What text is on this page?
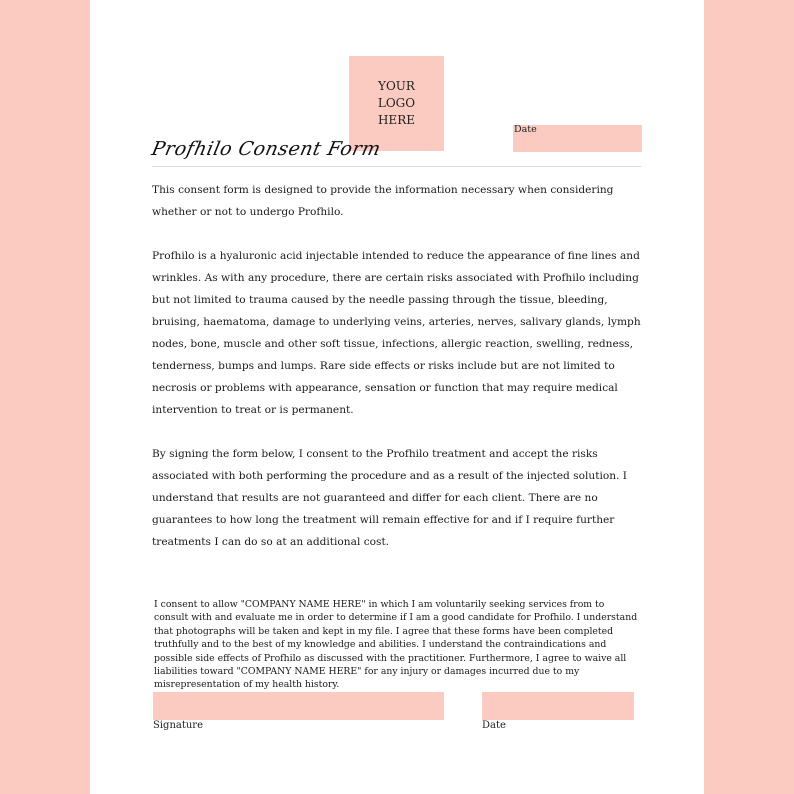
YOUR
LOGO
HERE
Date
Profhilo Consent Form

This consent form is designed to provide the information necessary when considering whether or not to undergo Profhilo.

Profhilo is a hyaluronic acid injectable intended to reduce the appearance of fine lines and wrinkles. As with any procedure, there are certain risks associated with Profhilo including but not limited to trauma caused by the needle passing through the tissue, bleeding, bruising, haematoma, damage to underlying veins, arteries, nerves, salivary glands, lymph nodes, bone, muscle and other soft tissue, infections, allergic reaction, swelling, redness, tenderness, bumps and lumps. Rare side effects or risks include but are not limited to necrosis or problems with appearance, sensation or function that may require medical intervention to treat or is permanent.

By signing the form below, I consent to the Profhilo treatment and accept the risks associated with both performing the procedure and as a result of the injected solution. I understand that results are not guaranteed and differ for each client. There are no guarantees to how long the treatment will remain effective for and if I require further treatments I can do so at an additional cost.

I consent to allow "COMPANY NAME HERE" in which I am voluntarily seeking services from to consult with and evaluate me in order to determine if I am a good candidate for Profhilo. I understand that photographs will be taken and kept in my file. I agree that these forms have been completed truthfully and to the best of my knowledge and abilities. I understand the contraindications and possible side effects of Profhilo as discussed with the practitioner. Furthermore, I agree to waive all liabilities toward "COMPANY NAME HERE" for any injury or damages incurred due to my misrepresentation of my health history.
Signature	Date
